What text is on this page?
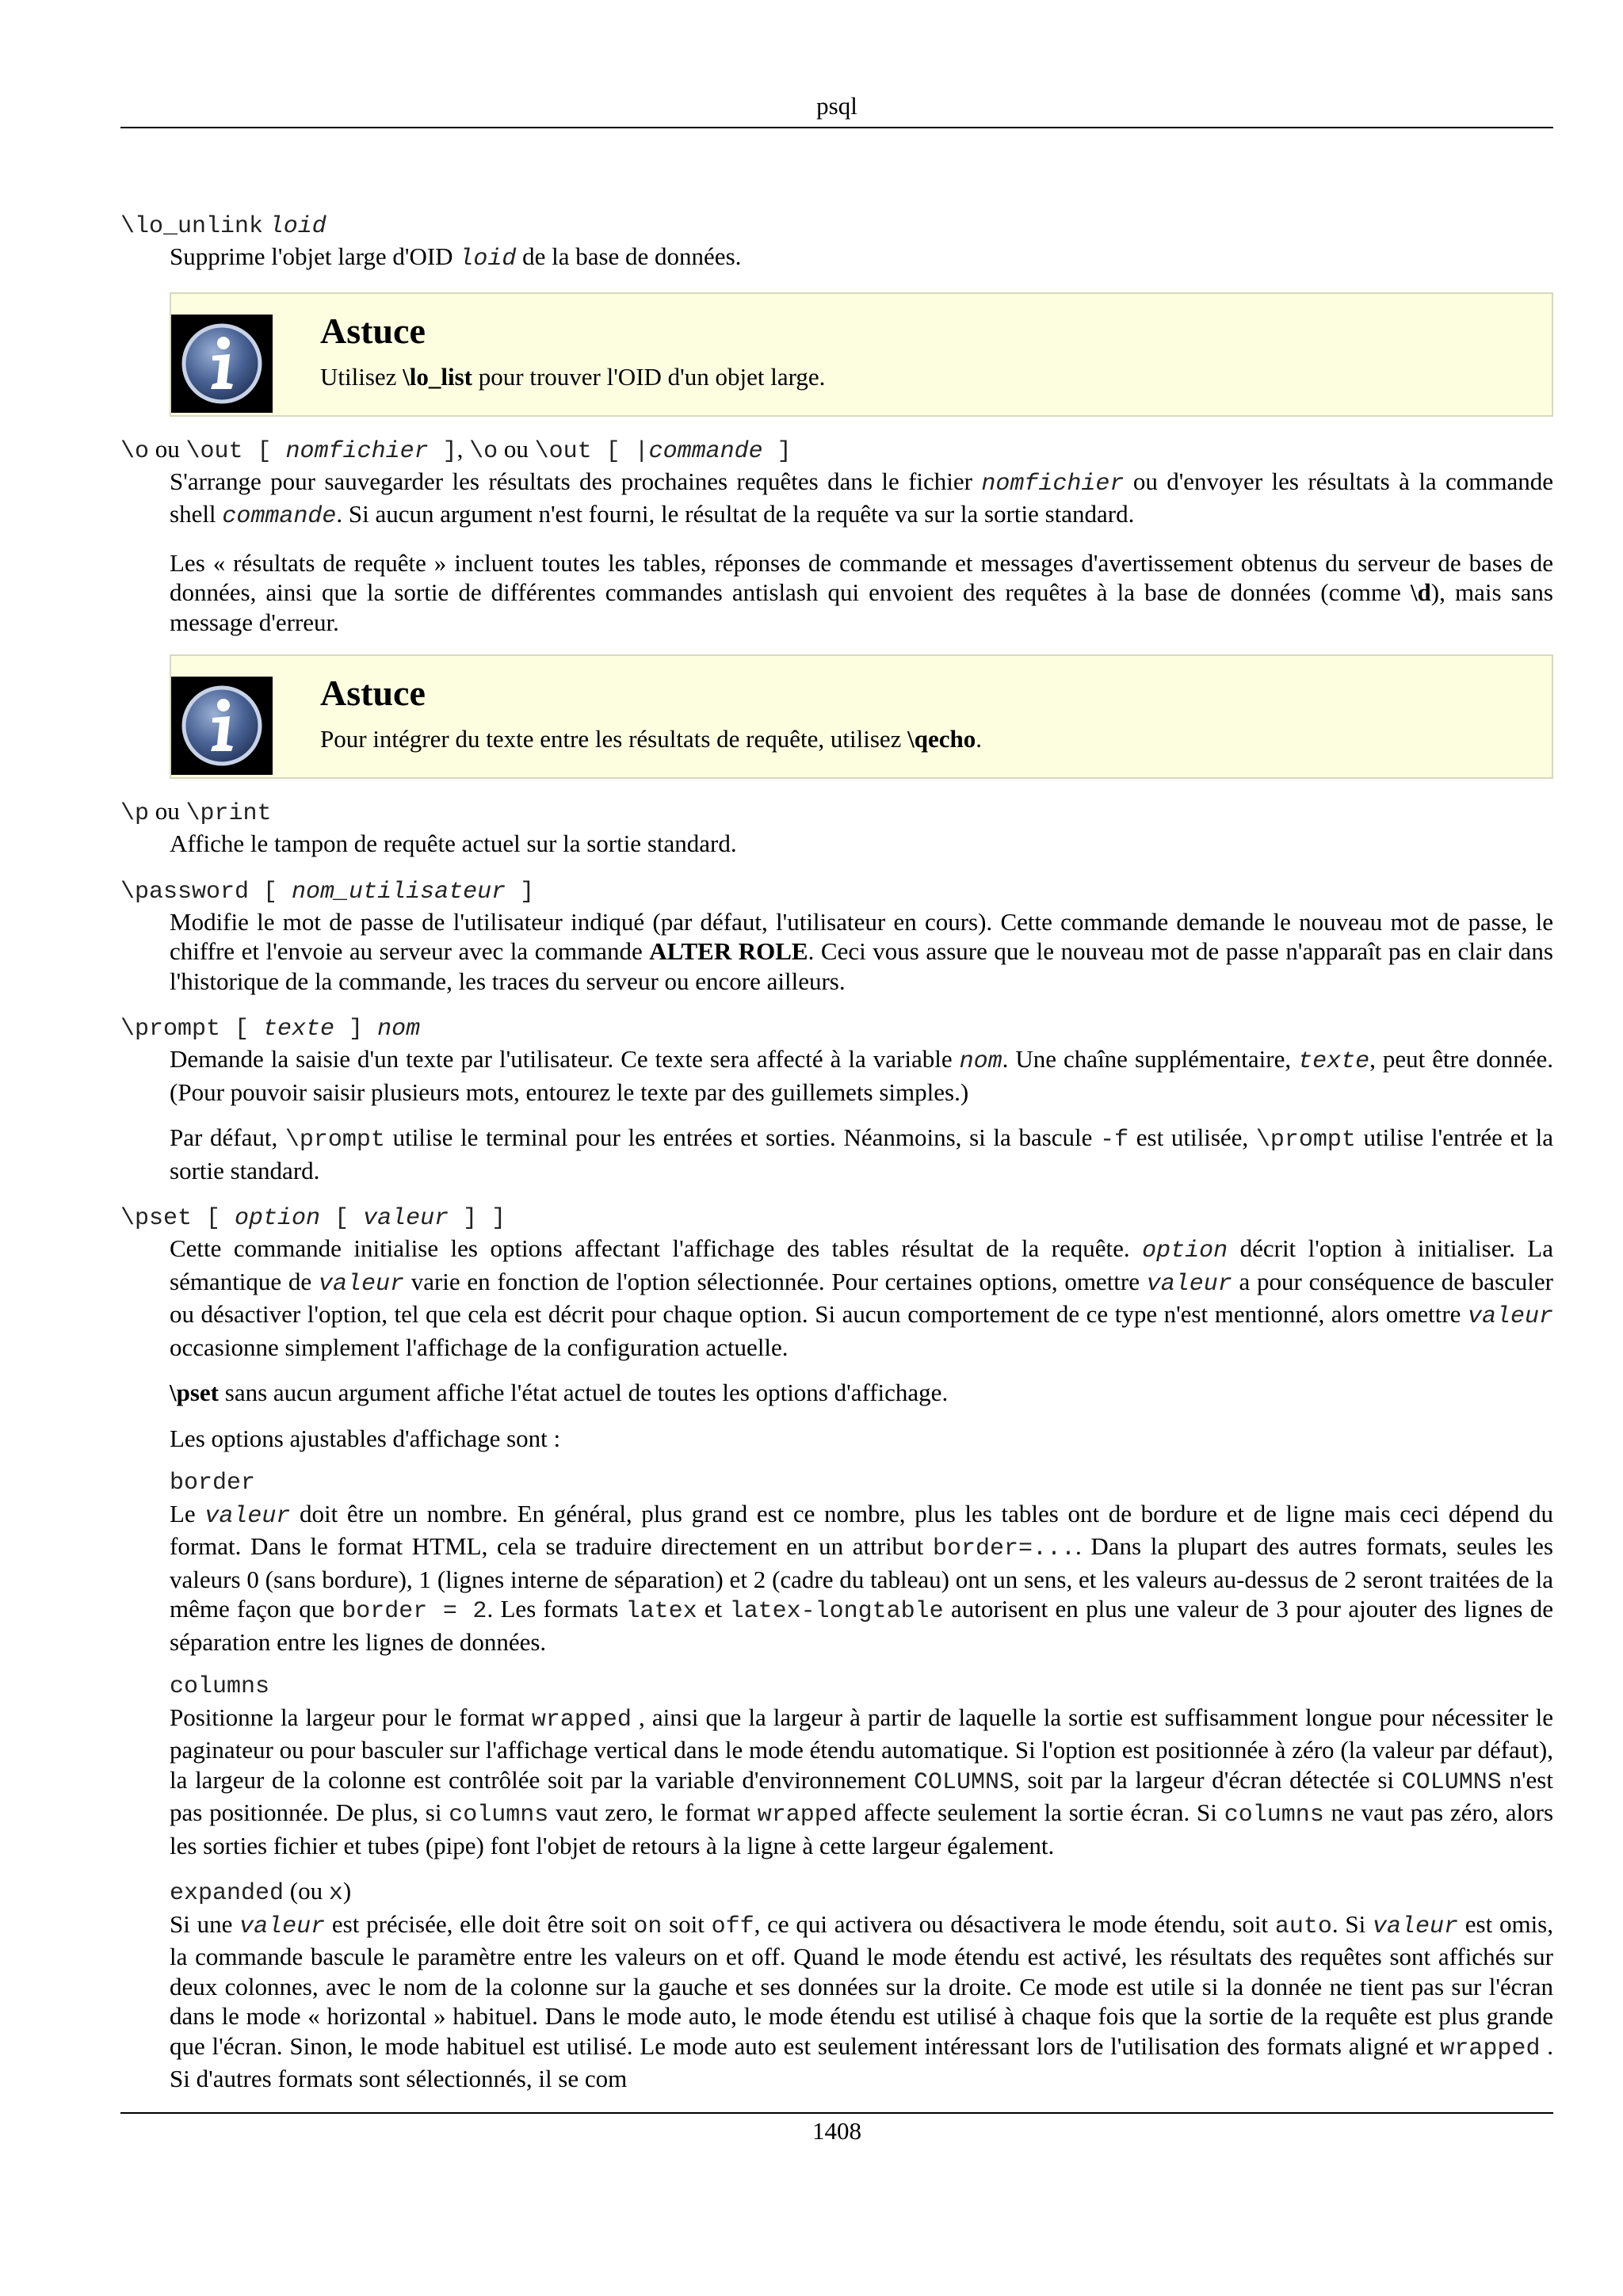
psql
\lo_unlink loid

Supprime l'objet large d'OID loid de la base de données.

Astuce

Utilisez \lo_list pour trouver l'OID d'un objet large.

\o ou \out [ nomfichier ], \o ou \out [ |commande ]

S'arrange pour sauvegarder les résultats des prochaines requêtes dans le fichier nomfichier ou d'envoyer les résultats à la commande shell commande. Si aucun argument n'est fourni, le résultat de la requête va sur la sortie standard.

Les « résultats de requête » incluent toutes les tables, réponses de commande et messages d'avertissement obtenus du serveur de bases de données, ainsi que la sortie de différentes commandes antislash qui envoient des requêtes à la base de données (comme \d), mais sans message d'erreur.

Astuce

Pour intégrer du texte entre les résultats de requête, utilisez \qecho.

\p ou \print

Affiche le tampon de requête actuel sur la sortie standard.

\password [ nom_utilisateur ]

Modifie le mot de passe de l'utilisateur indiqué (par défaut, l'utilisateur en cours). Cette commande demande le nouveau mot de passe, le chiffre et l'envoie au serveur avec la commande ALTER ROLE. Ceci vous assure que le nouveau mot de passe n'apparaît pas en clair dans l'historique de la commande, les traces du serveur ou encore ailleurs.

\prompt [ texte ] nom

Demande la saisie d'un texte par l'utilisateur. Ce texte sera affecté à la variable nom. Une chaîne supplémentaire, texte, peut être donnée. (Pour pouvoir saisir plusieurs mots, entourez le texte par des guillemets simples.)

Par défaut, \prompt utilise le terminal pour les entrées et sorties. Néanmoins, si la bascule -f est utilisée, \prompt utilise l'entrée et la sortie standard.

\pset [ option [ valeur ] ]

Cette commande initialise les options affectant l'affichage des tables résultat de la requête. option décrit l'option à initialiser. La sémantique de valeur varie en fonction de l'option sélectionnée. Pour certaines options, omettre valeur a pour conséquence de basculer ou désactiver l'option, tel que cela est décrit pour chaque option. Si aucun comportement de ce type n'est mentionné, alors omettre valeur occasionne simplement l'affichage de la configuration actuelle.

\pset sans aucun argument affiche l'état actuel de toutes les options d'affichage.

Les options ajustables d'affichage sont :

border
Le valeur doit être un nombre. En général, plus grand est ce nombre, plus les tables ont de bordure et de ligne mais ceci dépend du format. Dans le format HTML, cela se traduire directement en un attribut border=.... Dans la plupart des autres formats, seules les valeurs 0 (sans bordure), 1 (lignes interne de séparation) et 2 (cadre du tableau) ont un sens, et les valeurs au-dessus de 2 seront traitées de la même façon que border = 2. Les formats latex et latex-longtable autorisent en plus une valeur de 3 pour ajouter des lignes de séparation entre les lignes de données.
columns
Positionne la largeur pour le format wrapped , ainsi que la largeur à partir de laquelle la sortie est suffisamment longue pour nécessiter le paginateur ou pour basculer sur l'affichage vertical dans le mode étendu automatique. Si l'option est positionnée à zéro (la valeur par défaut), la largeur de la colonne est contrôlée soit par la variable d'environnement COLUMNS, soit par la largeur d'écran détectée si COLUMNS n'est pas positionnée. De plus, si columns vaut zero, le format wrapped affecte seulement la sortie écran. Si columns ne vaut pas zéro, alors les sorties fichier et tubes (pipe) font l'objet de retours à la ligne à cette largeur également.
expanded (ou x)
Si une valeur est précisée, elle doit être soit on soit off, ce qui activera ou désactivera le mode étendu, soit auto. Si valeur est omis, la commande bascule le paramètre entre les valeurs on et off. Quand le mode étendu est activé, les résultats des requêtes sont affichés sur deux colonnes, avec le nom de la colonne sur la gauche et ses données sur la droite. Ce mode est utile si la donnée ne tient pas sur l'écran dans le mode « horizontal » habituel. Dans le mode auto, le mode étendu est utilisé à chaque fois que la sortie de la requête est plus grande que l'écran. Sinon, le mode habituel est utilisé. Le mode auto est seulement intéressant lors de l'utilisation des formats aligné et wrapped . Si d'autres formats sont sélectionnés, il se com
1408
